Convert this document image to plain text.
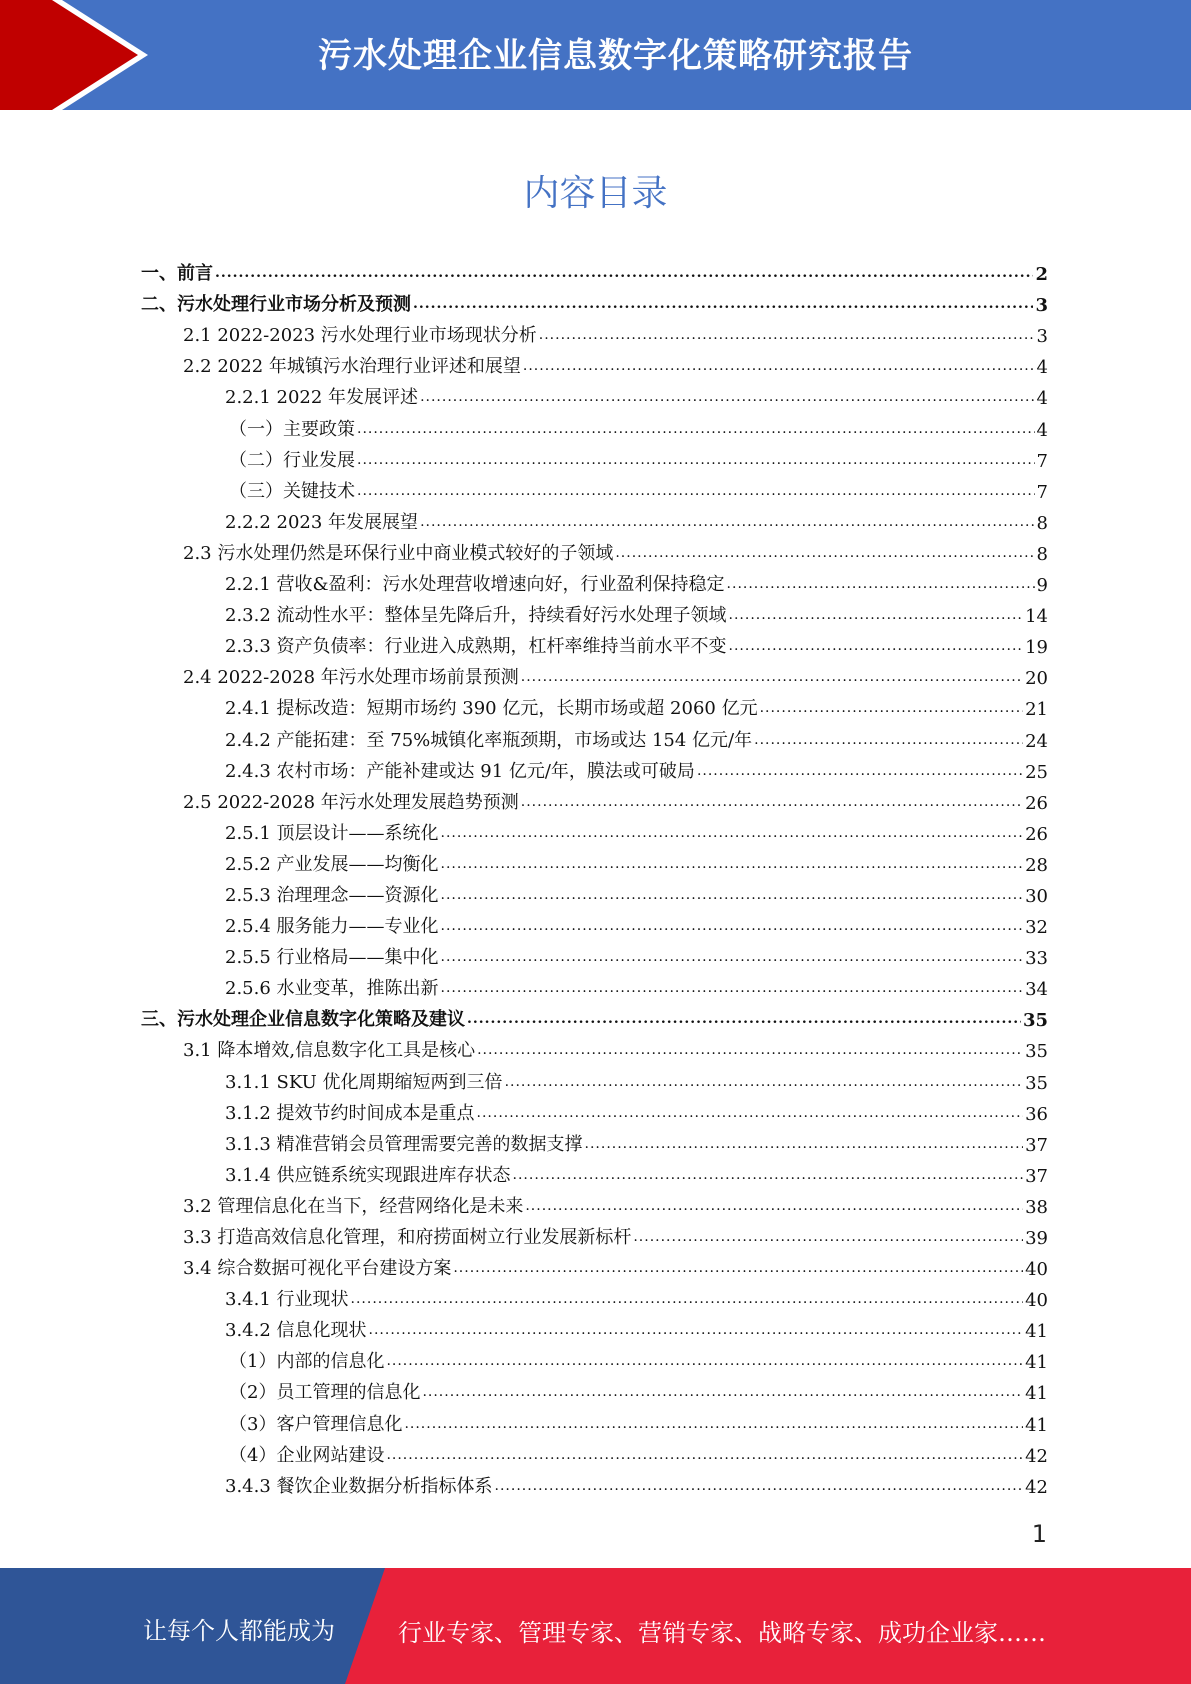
污水处理企业信息数字化策略研究报告
内容目录
一、前言 .....	2
二、污水处理行业市场分析及预测 .....	3
2.1 2022-2023 污水处理行业市场现状分析 .....	3
2.2 2022 年城镇污水治理行业评述和展望 .....	4
2.2.1 2022 年发展评述 .....	4
（一）主要政策 .....	4
（二）行业发展 .....	7
（三）关键技术 .....	7
2.2.2 2023 年发展展望 .....	8
2.3 污水处理仍然是环保行业中商业模式较好的子领域 .....	8
2.2.1 营收&盈利：污水处理营收增速向好，行业盈利保持稳定 .....	9
2.3.2 流动性水平：整体呈先降后升，持续看好污水处理子领域 .....	14
2.3.3 资产负债率：行业进入成熟期，杠杆率维持当前水平不变 .....	19
2.4 2022-2028 年污水处理市场前景预测 .....	20
2.4.1 提标改造：短期市场约 390 亿元，长期市场或超 2060 亿元 .....	21
2.4.2 产能拓建：至 75%城镇化率瓶颈期，市场或达 154 亿元/年 .....	24
2.4.3 农村市场：产能补建或达 91 亿元/年，膜法或可破局 .....	25
2.5 2022-2028 年污水处理发展趋势预测 .....	26
2.5.1 顶层设计——系统化 .....	26
2.5.2 产业发展——均衡化 .....	28
2.5.3 治理理念——资源化 .....	30
2.5.4 服务能力——专业化 .....	32
2.5.5 行业格局——集中化 .....	33
2.5.6 水业变革，推陈出新 .....	34
三、污水处理企业信息数字化策略及建议 .....	35
3.1 降本增效,信息数字化工具是核心 .....	35
3.1.1 SKU 优化周期缩短两到三倍 .....	35
3.1.2 提效节约时间成本是重点 .....	36
3.1.3 精准营销会员管理需要完善的数据支撑 .....	37
3.1.4 供应链系统实现跟进库存状态 .....	37
3.2 管理信息化在当下，经营网络化是未来 .....	38
3.3 打造高效信息化管理，和府捞面树立行业发展新标杆 .....	39
3.4 综合数据可视化平台建设方案 .....	40
3.4.1 行业现状 .....	40
3.4.2 信息化现状 .....	41
（1）内部的信息化 .....	41
（2）员工管理的信息化 .....	41
（3）客户管理信息化 .....	41
（4）企业网站建设 .....	42
3.4.3 餐饮企业数据分析指标体系 .....	42
1
让每个人都能成为	行业专家、管理专家、营销专家、战略专家、成功企业家……
